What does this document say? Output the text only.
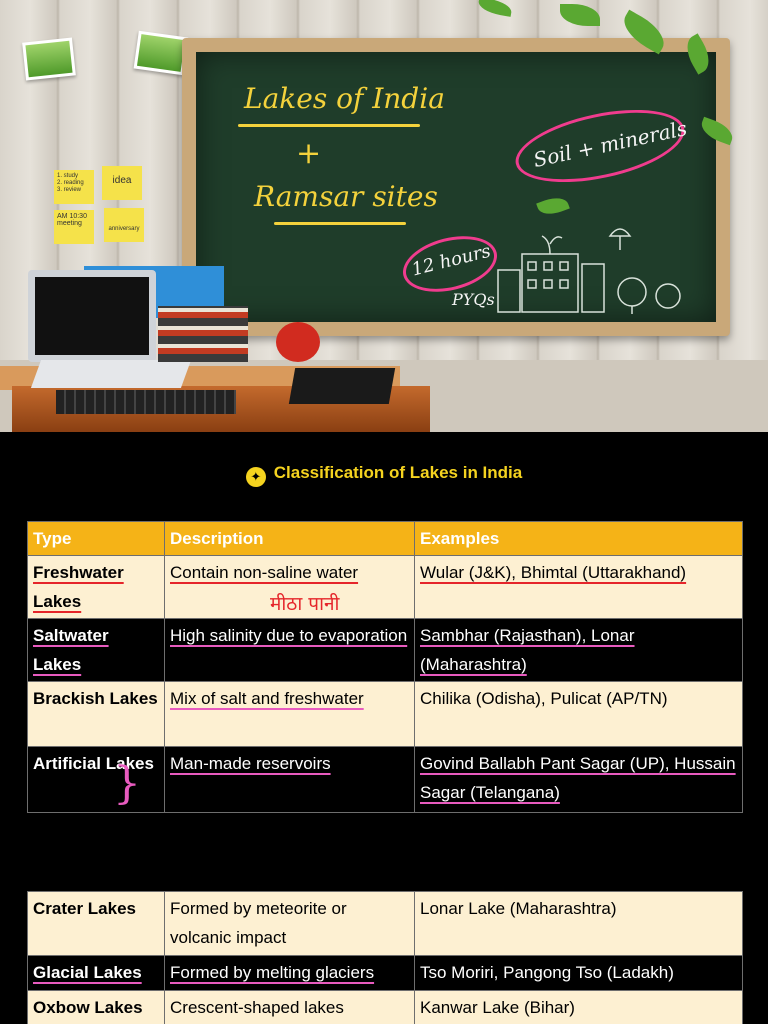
1. study
2. reading
3. review
idea
AM 10:30
meeting
anniversary
Lakes of India
+
Ramsar sites
Soil + minerals
12 hours
PYQs
✦ Classification of Lakes in India
Type	Description	Examples
Freshwater Lakes	Contain non-saline water	Wular (J&K), Bhimtal (Uttarakhand)
Saltwater Lakes	High salinity due to evaporation	Sambhar (Rajasthan), Lonar (Maharashtra)
Brackish Lakes	Mix of salt and freshwater	Chilika (Odisha), Pulicat (AP/TN)
Artificial Lakes	Man-made reservoirs	Govind Ballabh Pant Sagar (UP), Hussain Sagar (Telangana)
मीठा पानी
}
Crater Lakes	Formed by meteorite or volcanic impact	Lonar Lake (Maharashtra)
Glacial Lakes	Formed by melting glaciers	Tso Moriri, Pangong Tso (Ladakh)
Oxbow Lakes	Crescent-shaped lakes	Kanwar Lake (Bihar)
